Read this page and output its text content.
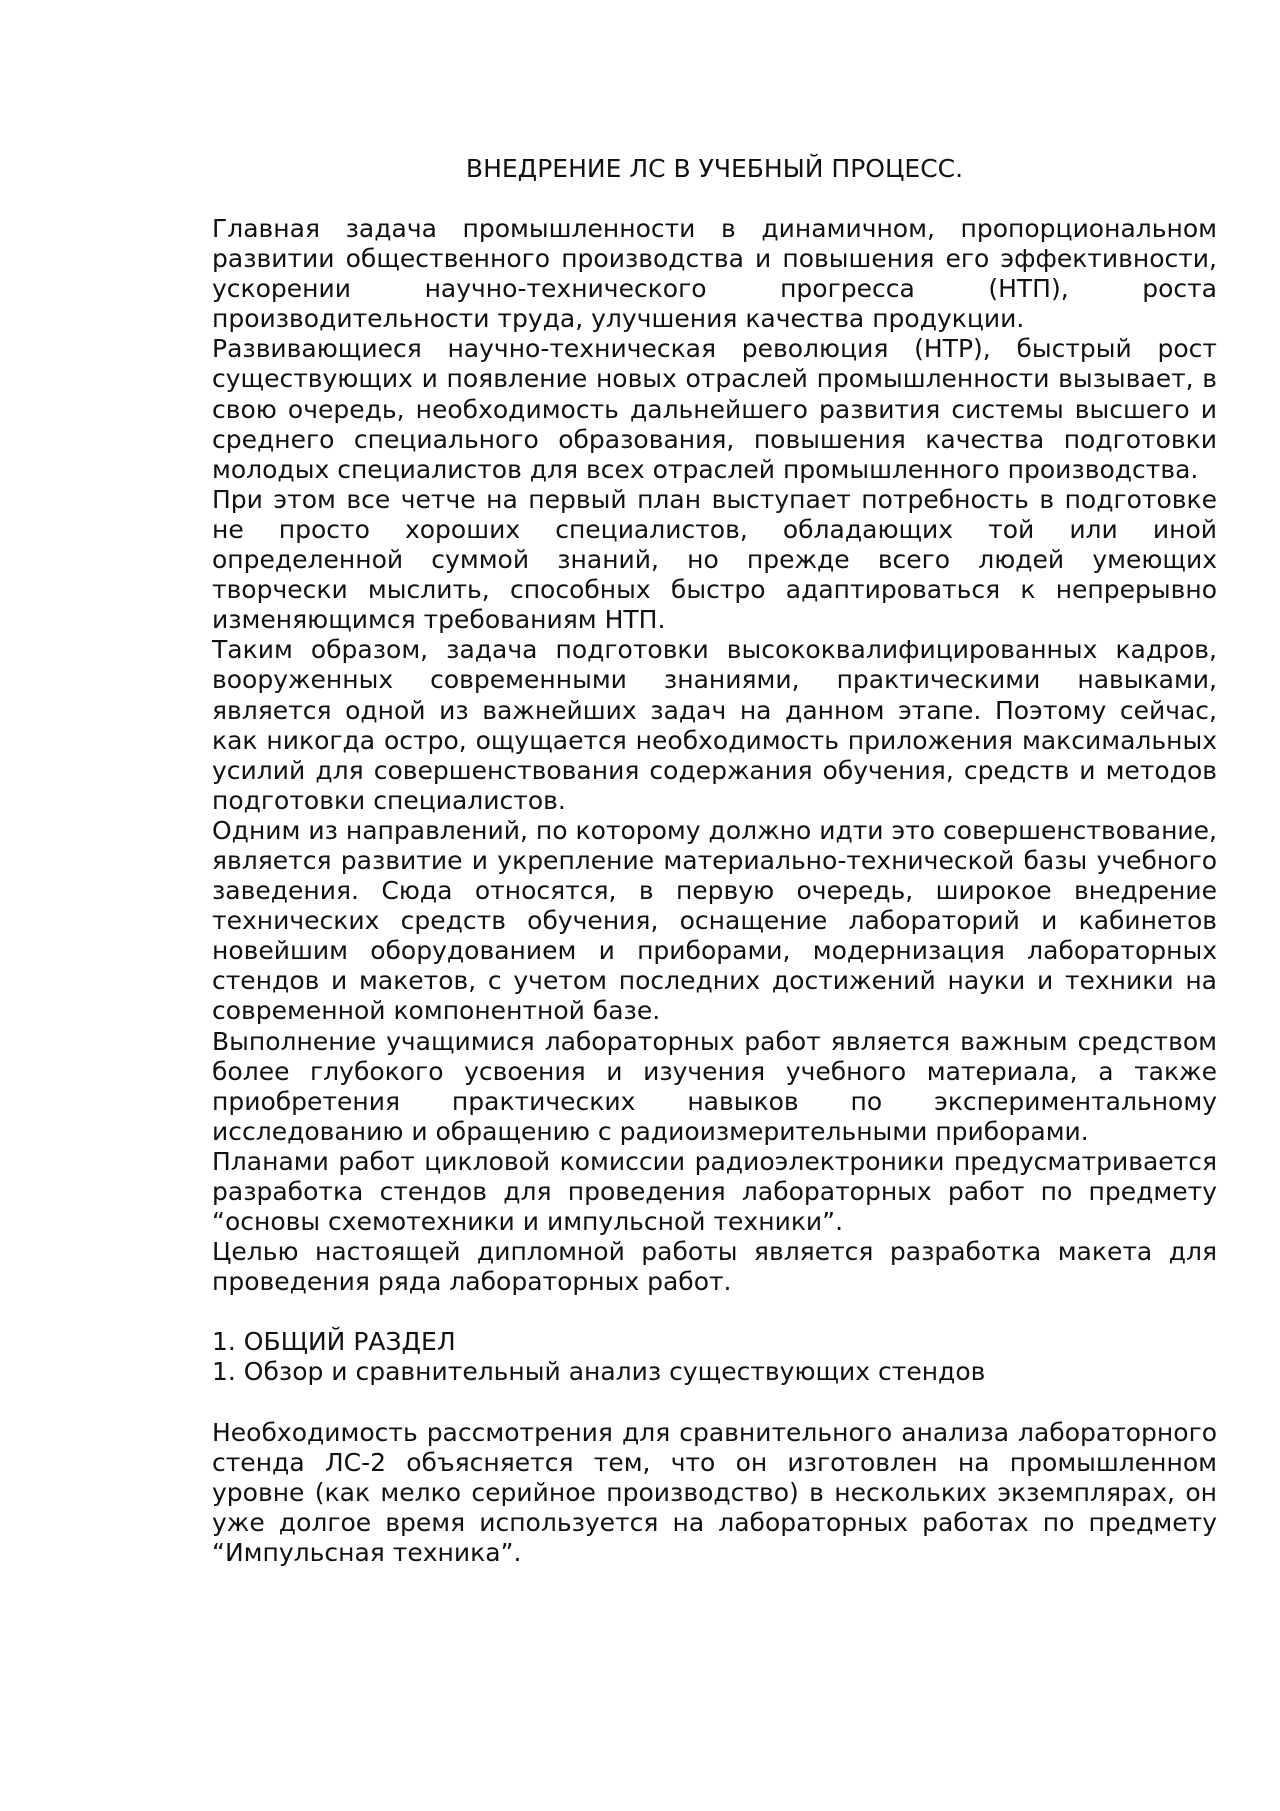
ВНЕДРЕНИЕ ЛС В УЧЕБНЫЙ ПРОЦЕСС.

Главная задача промышленности в динамичном, пропорциональном развитии общественного производства и повышения его эффективности, ускорении научно-технического прогресса (НТП), роста производительности труда, улучшения качества продукции.

Развивающиеся научно-техническая революция (НТР), быстрый рост существующих и появление новых отраслей промышленности вызывает, в свою очередь, необходимость дальнейшего развития системы высшего и среднего специального образования, повышения качества подготовки молодых специалистов для всех отраслей промышленного производства.

При этом все четче на первый план выступает потребность в подготовке не просто хороших специалистов, обладающих той или иной определенной суммой знаний, но прежде всего людей умеющих творчески мыслить, способных быстро адаптироваться к непрерывно изменяющимся требованиям НТП.

Таким образом, задача подготовки высококвалифицированных кадров, вооруженных современными знаниями, практическими навыками, является одной из важнейших задач на данном этапе. Поэтому сейчас, как никогда остро, ощущается необходимость приложения максимальных усилий для совершенствования содержания обучения, средств и методов подготовки специалистов.

Одним из направлений, по которому должно идти это совершенствование, является развитие и укрепление материально-технической базы учебного заведения. Сюда относятся, в первую очередь, широкое внедрение технических средств обучения, оснащение лабораторий и кабинетов новейшим оборудованием и приборами, модернизация лабораторных стендов и макетов, с учетом последних достижений науки и техники на современной компонентной базе.

Выполнение учащимися лабораторных работ является важным средством более глубокого усвоения и изучения учебного материала, а также приобретения практических навыков по экспериментальному исследованию и обращению с радиоизмерительными приборами.

Планами работ цикловой комиссии радиоэлектроники предусматривается разработка стендов для проведения лабораторных работ по предмету “основы схемотехники и импульсной техники”.

Целью настоящей дипломной работы является разработка макета для проведения ряда лабораторных работ.

1. ОБЩИЙ РАЗДЕЛ

1. Обзор и сравнительный анализ существующих стендов

Необходимость рассмотрения для сравнительного анализа лабораторного стенда ЛС-2 объясняется тем, что он изготовлен на промышленном уровне (как мелко серийное производство) в нескольких экземплярах, он уже долгое время используется на лабораторных работах по предмету “Импульсная техника”.
